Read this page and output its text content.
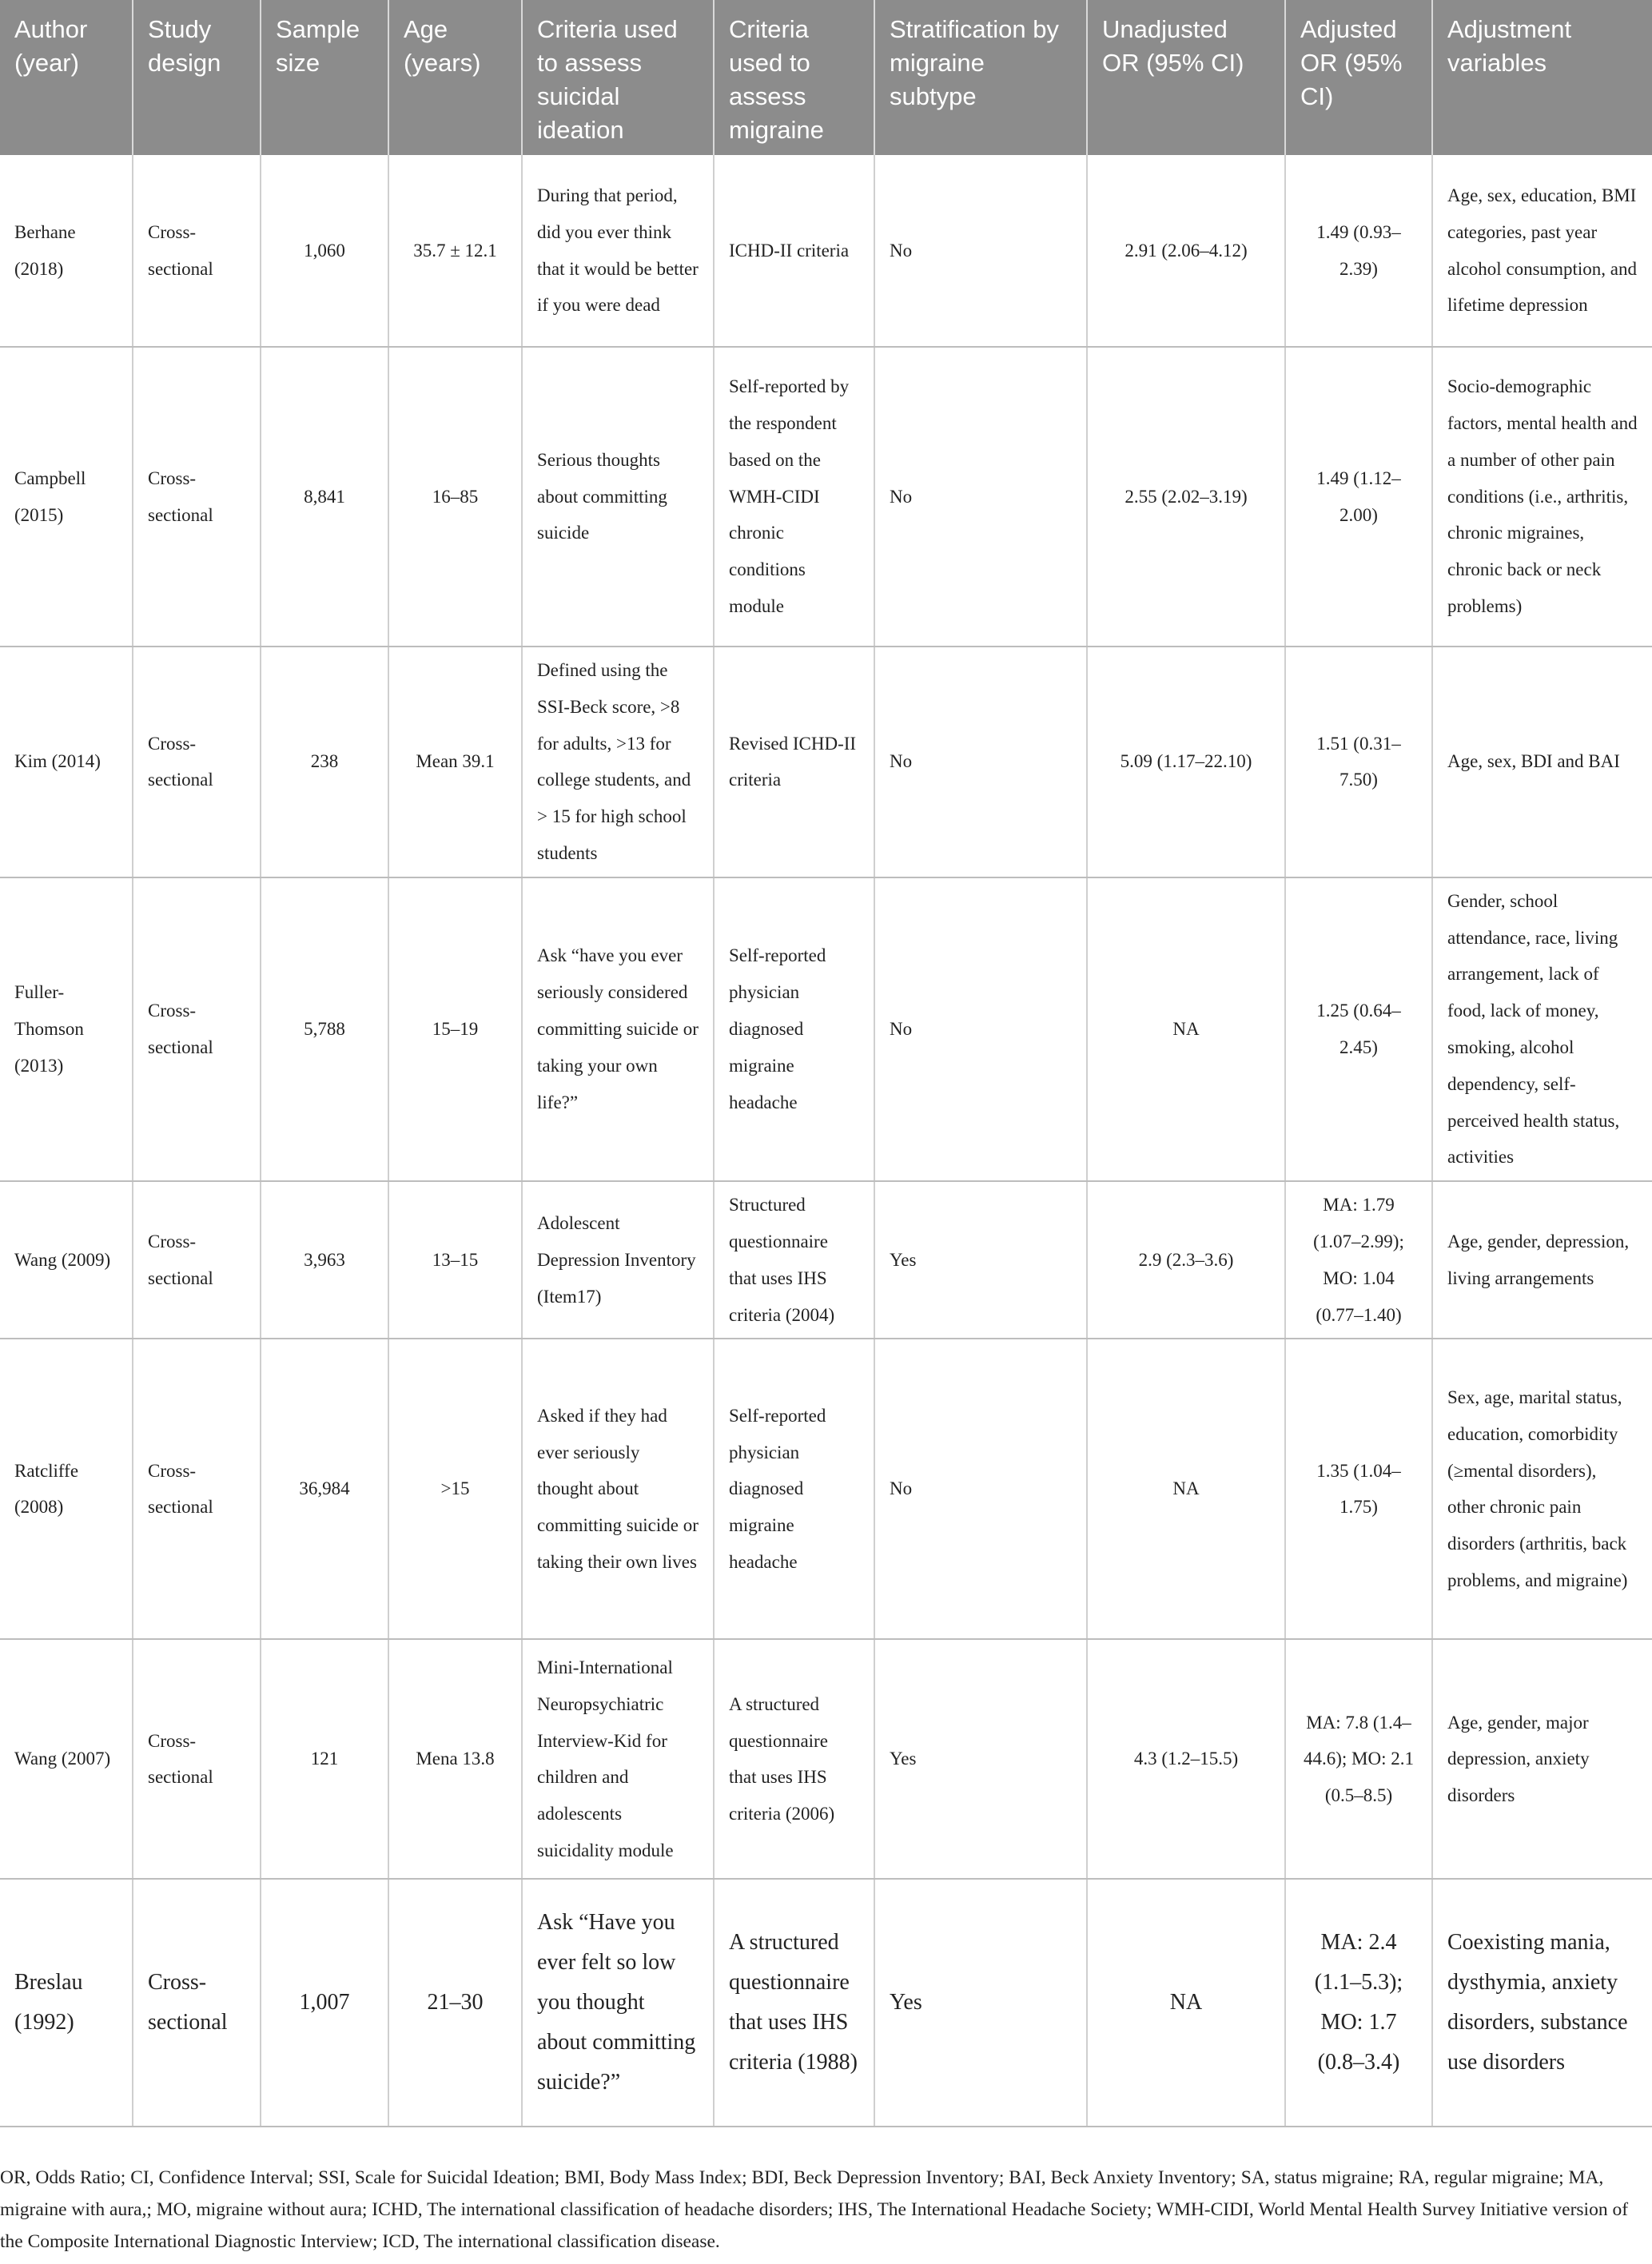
Author (year)	Study design	Sample size	Age (years)	Criteria used to assess suicidal ideation	Criteria used to assess migraine	Stratification by migraine subtype	Unadjusted OR (95% CI)	Adjusted OR (95% CI)	Adjustment variables
Berhane (2018)	Cross-sectional	1,060	35.7 ± 12.1	During that period, did you ever think that it would be better if you were dead	ICHD-II criteria	No	2.91 (2.06–4.12)	1.49 (0.93–2.39)	Age, sex, education, BMI categories, past year alcohol consumption, and lifetime depression
Campbell (2015)	Cross-sectional	8,841	16–85	Serious thoughts about committing suicide	Self-reported by the respondent based on the WMH-CIDI chronic conditions module	No	2.55 (2.02–3.19)	1.49 (1.12–2.00)	Socio-demographic factors, mental health and a number of other pain conditions (i.e., arthritis, chronic migraines, chronic back or neck problems)
Kim (2014)	Cross-sectional	238	Mean 39.1	Defined using the SSI-Beck score, >8 for adults, >13 for college students, and > 15 for high school students	Revised ICHD-II criteria	No	5.09 (1.17–22.10)	1.51 (0.31–7.50)	Age, sex, BDI and BAI
Fuller-Thomson (2013)	Cross-sectional	5,788	15–19	Ask “have you ever seriously considered committing suicide or taking your own life?”	Self-reported physician diagnosed migraine headache	No	NA	1.25 (0.64–2.45)	Gender, school attendance, race, living arrangement, lack of food, lack of money, smoking, alcohol dependency, self-perceived health status, activities
Wang (2009)	Cross-sectional	3,963	13–15	Adolescent Depression Inventory (Item17)	Structured questionnaire that uses IHS criteria (2004)	Yes	2.9 (2.3–3.6)	MA: 1.79 (1.07–2.99); MO: 1.04 (0.77–1.40)	Age, gender, depression, living arrangements
Ratcliffe (2008)	Cross-sectional	36,984	>15	Asked if they had ever seriously thought about committing suicide or taking their own lives	Self-reported physician diagnosed migraine headache	No	NA	1.35 (1.04–1.75)	Sex, age, marital status, education, comorbidity (≥mental disorders), other chronic pain disorders (arthritis, back problems, and migraine)
Wang (2007)	Cross-sectional	121	Mena 13.8	Mini-International Neuropsychiatric Interview-Kid for children and adolescents suicidality module	A structured questionnaire that uses IHS criteria (2006)	Yes	4.3 (1.2–15.5)	MA: 7.8 (1.4–44.6); MO: 2.1 (0.5–8.5)	Age, gender, major depression, anxiety disorders
Breslau (1992)	Cross-sectional	1,007	21–30	Ask “Have you ever felt so low you thought about committing suicide?”	A structured questionnaire that uses IHS criteria (1988)	Yes	NA	MA: 2.4 (1.1–5.3); MO: 1.7 (0.8–3.4)	Coexisting mania, dysthymia, anxiety disorders, substance use disorders
OR, Odds Ratio; CI, Confidence Interval; SSI, Scale for Suicidal Ideation; BMI, Body Mass Index; BDI, Beck Depression Inventory; BAI, Beck Anxiety Inventory; SA, status migraine; RA, regular migraine; MA, migraine with aura,; MO, migraine without aura; ICHD, The international classification of headache disorders; IHS, The International Headache Society; WMH-CIDI, World Mental Health Survey Initiative version of the Composite International Diagnostic Interview; ICD, The international classification disease.
